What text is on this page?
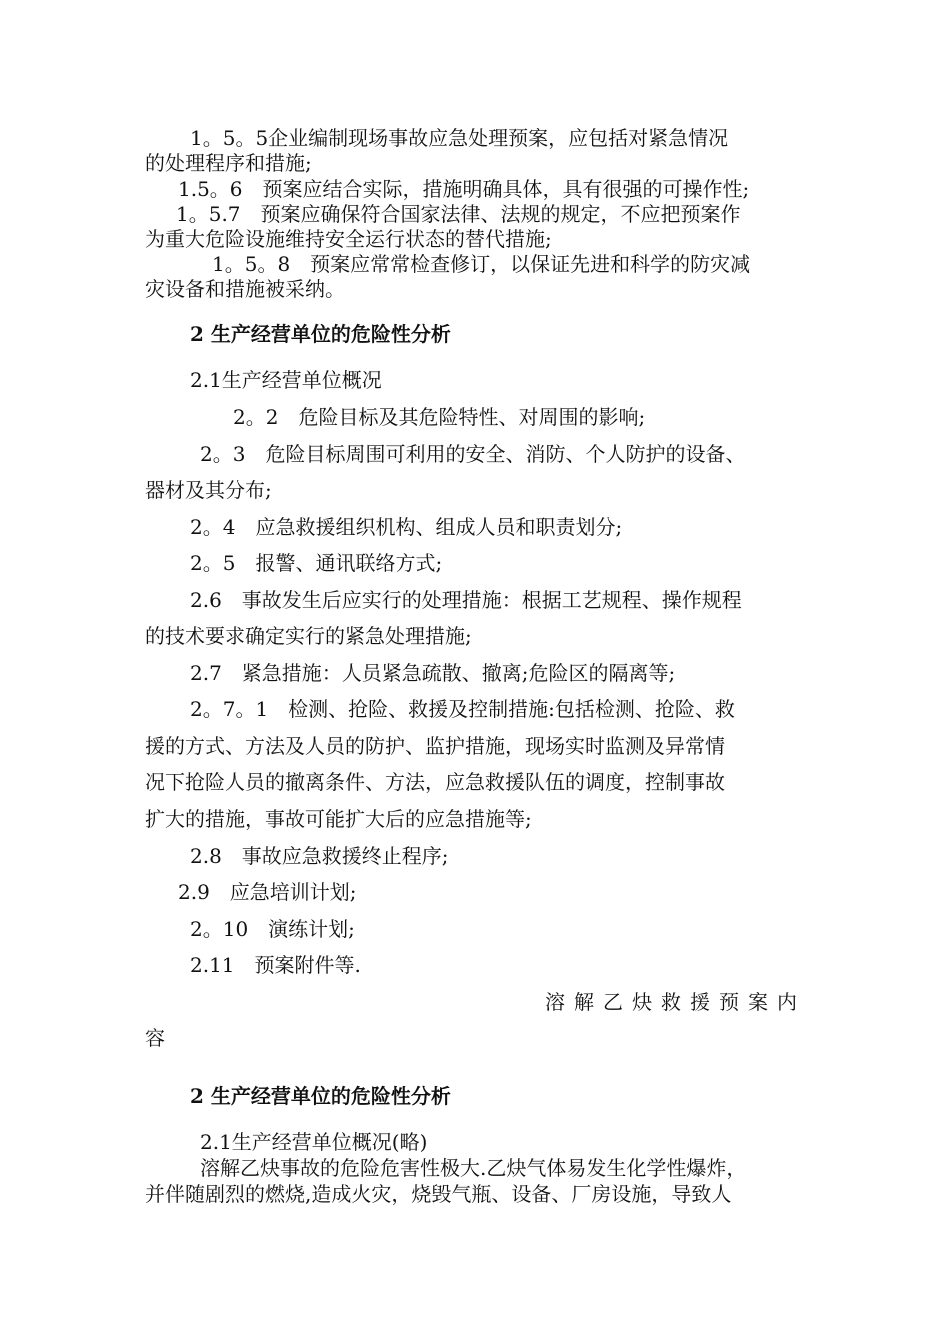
1。5。5企业编制现场事故应急处理预案，应包括对紧急情况
的处理程序和措施;
1.5。6　预案应结合实际，措施明确具体，具有很强的可操作性;
1。5.7　预案应确保符合国家法律、法规的规定，不应把预案作
为重大危险设施维持安全运行状态的替代措施;
1。5。8　预案应常常检查修订，以保证先进和科学的防灾减
灾设备和措施被采纳。
2 生产经营单位的危险性分析
2.1生产经营单位概况
2。2　危险目标及其危险特性、对周围的影响;
2。3　危险目标周围可利用的安全、消防、个人防护的设备、
器材及其分布;
2。4　应急救援组织机构、组成人员和职责划分;
2。5　报警、通讯联络方式;
2.6　事故发生后应实行的处理措施：根据工艺规程、操作规程
的技术要求确定实行的紧急处理措施;
2.7　紧急措施：人员紧急疏散、撤离;危险区的隔离等;
2。7。1　检测、抢险、救援及控制措施:包括检测、抢险、救
援的方式、方法及人员的防护、监护措施，现场实时监测及异常情
况下抢险人员的撤离条件、方法，应急救援队伍的调度，控制事故
扩大的措施，事故可能扩大后的应急措施等;
2.8　事故应急救援终止程序;
2.9　应急培训计划;
2。10　演练计划;
2.11　预案附件等.
溶解乙炔救援预案内
容
2 生产经营单位的危险性分析
2.1生产经营单位概况(略)
溶解乙炔事故的危险危害性极大.乙炔气体易发生化学性爆炸，
并伴随剧烈的燃烧,造成火灾，烧毁气瓶、设备、厂房设施，导致人
